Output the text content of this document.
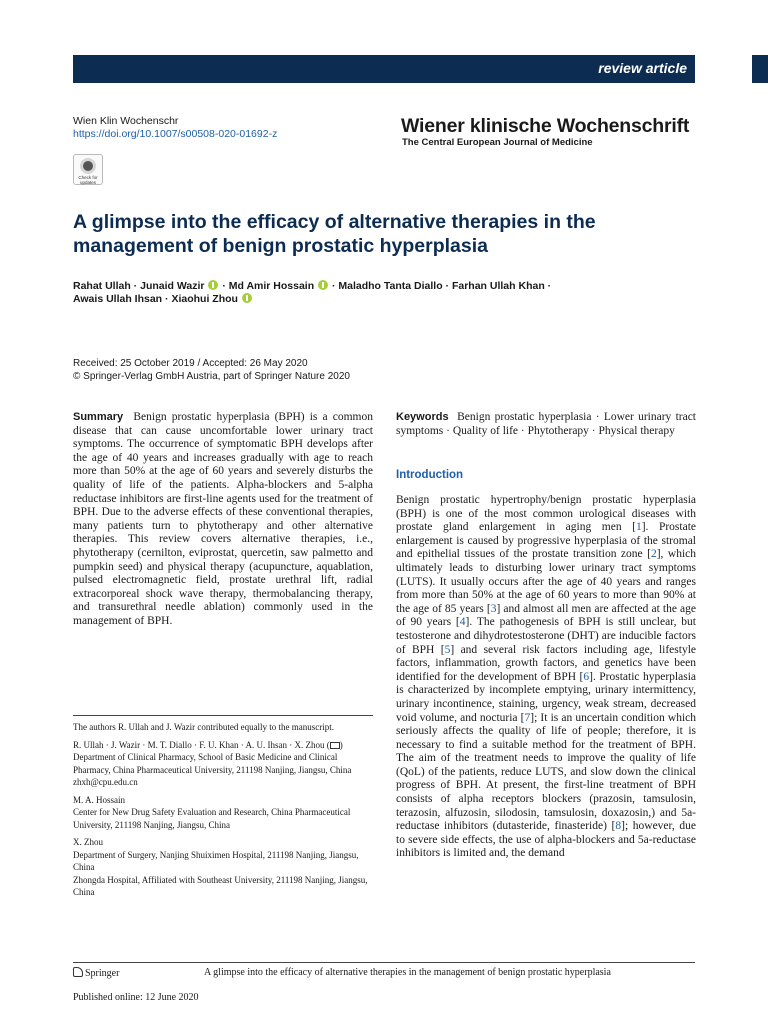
review article
Wien Klin Wochenschr
https://doi.org/10.1007/s00508-020-01692-z	Wiener klinische Wochenschrift
The Central European Journal of Medicine
Check for updates
A glimpse into the efficacy of alternative therapies in the management of benign prostatic hyperplasia
Rahat Ullah · Junaid Wazir  · Md Amir Hossain  · Maladho Tanta Diallo · Farhan Ullah Khan ·
Awais Ullah Ihsan · Xiaohui Zhou
Received: 25 October 2019 / Accepted: 26 May 2020
© Springer-Verlag GmbH Austria, part of Springer Nature 2020
Summary Benign prostatic hyperplasia (BPH) is a common disease that can cause uncomfortable lower urinary tract symptoms. The occurrence of symptomatic BPH develops after the age of 40 years and increases gradually with age to reach more than 50% at the age of 60 years and severely disturbs the quality of life of the patients. Alpha-blockers and 5-alpha reductase inhibitors are first-line agents used for the treatment of BPH. Due to the adverse effects of these conventional therapies, many patients turn to phytotherapy and other alternative therapies. This review covers alternative therapies, i.e., phytotherapy (cernilton, eviprostat, quercetin, saw palmetto and pumpkin seed) and physical therapy (acupuncture, aquablation, pulsed electromagnetic field, prostate urethral lift, radial extracorporeal shock wave therapy, thermobalancing therapy, and transurethral needle ablation) commonly used in the management of BPH.

The authors R. Ullah and J. Wazir contributed equally to the manuscript.

R. Ullah · J. Wazir · M. T. Diallo · F. U. Khan · A. U. Ihsan · X. Zhou ( )
Department of Clinical Pharmacy, School of Basic Medicine and Clinical Pharmacy, China Pharmaceutical University, 211198 Nanjing, Jiangsu, China
zhxh@cpu.edu.cn

M. A. Hossain
Center for New Drug Safety Evaluation and Research, China Pharmaceutical University, 211198 Nanjing, Jiangsu, China

X. Zhou
Department of Surgery, Nanjing Shuiximen Hospital, 211198 Nanjing, Jiangsu, China
Zhongda Hospital, Affiliated with Southeast University, 211198 Nanjing, Jiangsu, China

Keywords Benign prostatic hyperplasia · Lower urinary tract symptoms · Quality of life · Phytotherapy · Physical therapy
Introduction
Benign prostatic hypertrophy/benign prostatic hyperplasia (BPH) is one of the most common urological diseases with prostate gland enlargement in aging men [1]. Prostate enlargement is caused by progressive hyperplasia of the stromal and epithelial tissues of the prostate transition zone [2], which ultimately leads to disturbing lower urinary tract symptoms (LUTS). It usually occurs after the age of 40 years and ranges from more than 50% at the age of 60 years to more than 90% at the age of 85 years [3] and almost all men are affected at the age of 90 years [4]. The pathogenesis of BPH is still unclear, but testosterone and dihydrotestosterone (DHT) are inducible factors of BPH [5] and several risk factors including age, lifestyle factors, inflammation, growth factors, and genetics have been identified for the development of BPH [6]. Prostatic hyperplasia is characterized by incomplete emptying, urinary intermittency, urinary incontinence, staining, urgency, weak stream, decreased void volume, and nocturia [7]; It is an uncertain condition which seriously affects the quality of life of people; therefore, it is necessary to find a suitable method for the treatment of BPH. The aim of the treatment needs to improve the quality of life (QoL) of the patients, reduce LUTS, and slow down the clinical progress of BPH. At present, the first-line treatment of BPH consists of alpha receptors blockers (prazosin, tamsulosin, terazosin, alfuzosin, silodosin, tamsulosin, doxazosin,) and 5a-reductase inhibitors (dutasteride, finasteride) [8]; however, due to severe side effects, the use of alpha-blockers and 5a-reductase inhibitors is limited and, the demand
Springer	A glimpse into the efficacy of alternative therapies in the management of benign prostatic hyperplasia
Published online: 12 June 2020
